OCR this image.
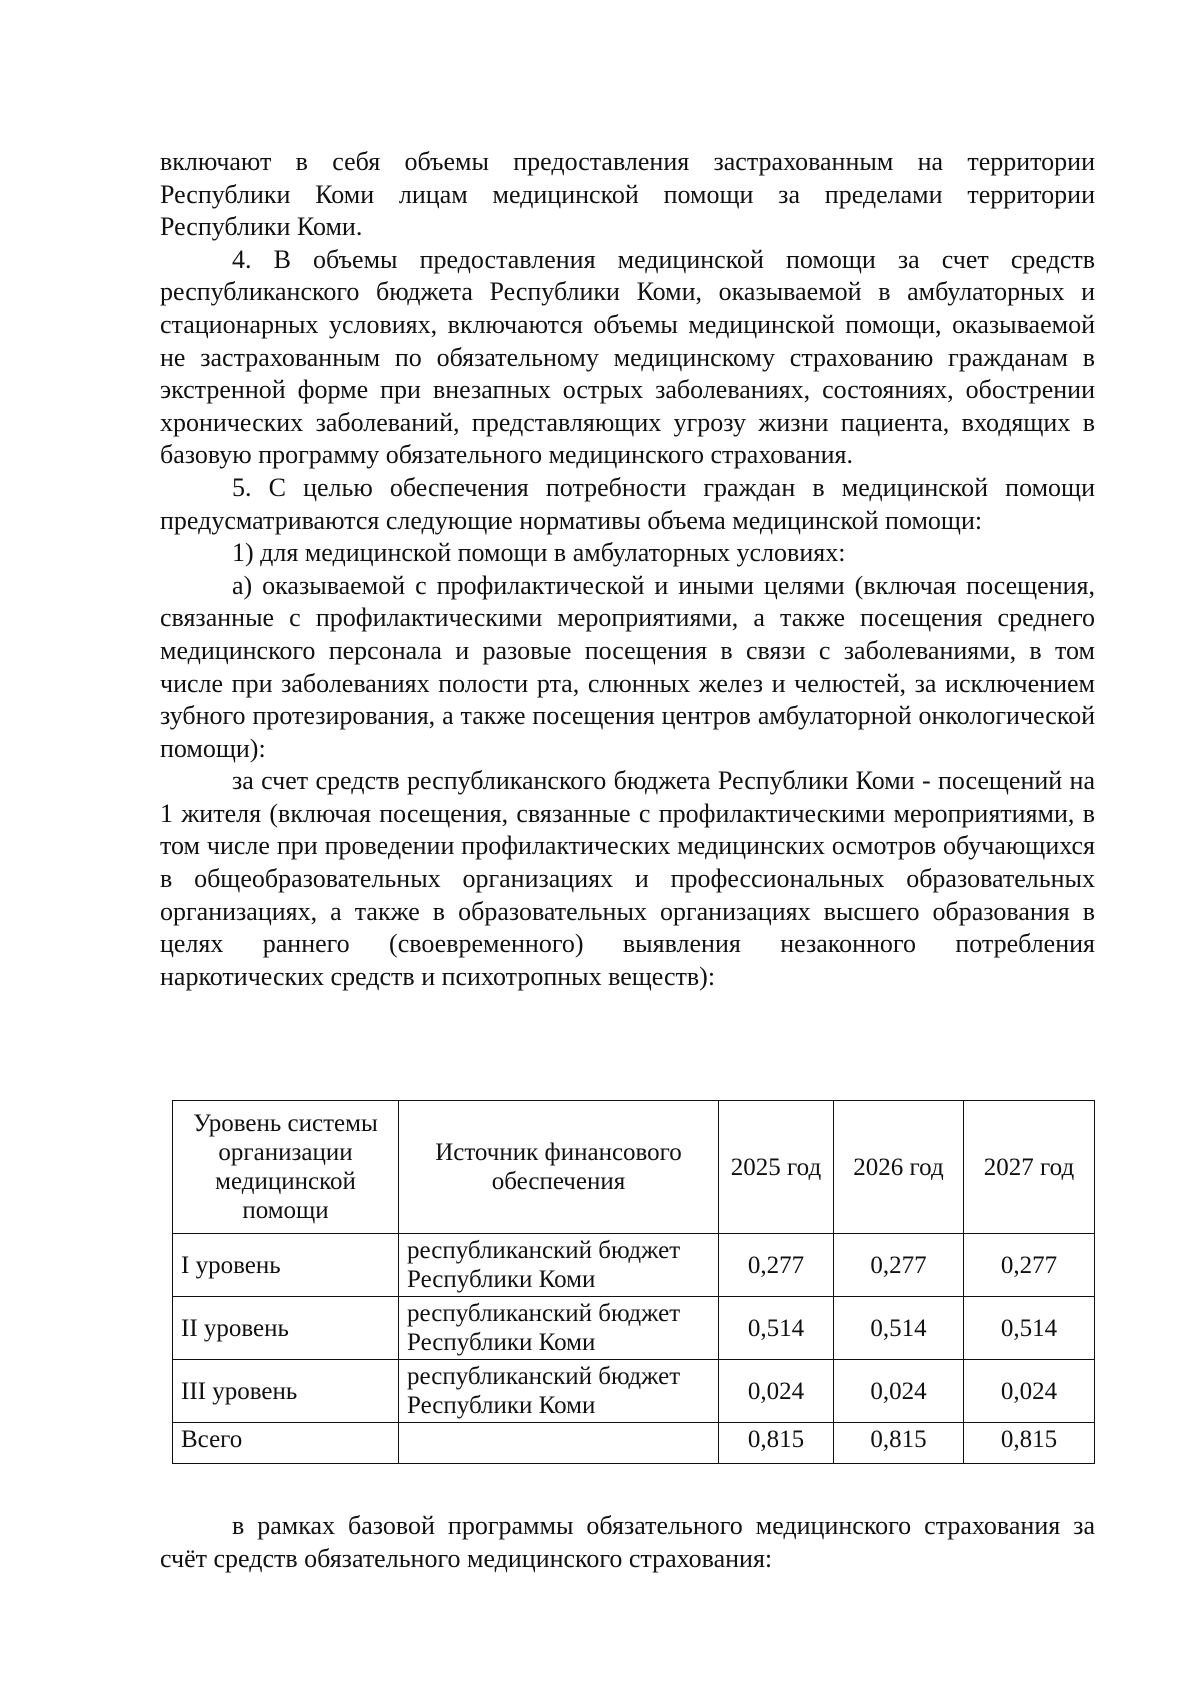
включают в себя объемы предоставления застрахованным на территории Республики Коми лицам медицинской помощи за пределами территории Республики Коми.

4. В объемы предоставления медицинской помощи за счет средств республиканского бюджета Республики Коми, оказываемой в амбулаторных и стационарных условиях, включаются объемы медицинской помощи, оказываемой не застрахованным по обязательному медицинскому страхованию гражданам в экстренной форме при внезапных острых заболеваниях, состояниях, обострении хронических заболеваний, представляющих угрозу жизни пациента, входящих в базовую программу обязательного медицинского страхования.

5. С целью обеспечения потребности граждан в медицинской помощи предусматриваются следующие нормативы объема медицинской помощи:

1) для медицинской помощи в амбулаторных условиях:

а) оказываемой с профилактической и иными целями (включая посещения, связанные с профилактическими мероприятиями, а также посещения среднего медицинского персонала и разовые посещения в связи с заболеваниями, в том числе при заболеваниях полости рта, слюнных желез и челюстей, за исключением зубного протезирования, а также посещения центров амбулаторной онкологической помощи):

за счет средств республиканского бюджета Республики Коми - посещений на 1 жителя (включая посещения, связанные с профилактическими мероприятиями, в том числе при проведении профилактических медицинских осмотров обучающихся в общеобразовательных организациях и профессиональных образовательных организациях, а также в образовательных организациях высшего образования в целях раннего (своевременного) выявления незаконного потребления наркотических средств и психотропных веществ):

Уровень системы организации медицинской помощи	Источник финансового обеспечения	2025 год	2026 год	2027 год
I уровень	республиканский бюджет Республики Коми	0,277	0,277	0,277
II уровень	республиканский бюджет Республики Коми	0,514	0,514	0,514
III уровень	республиканский бюджет Республики Коми	0,024	0,024	0,024
Всего		0,815	0,815	0,815

в рамках базовой программы обязательного медицинского страхования за счёт средств обязательного медицинского страхования:
